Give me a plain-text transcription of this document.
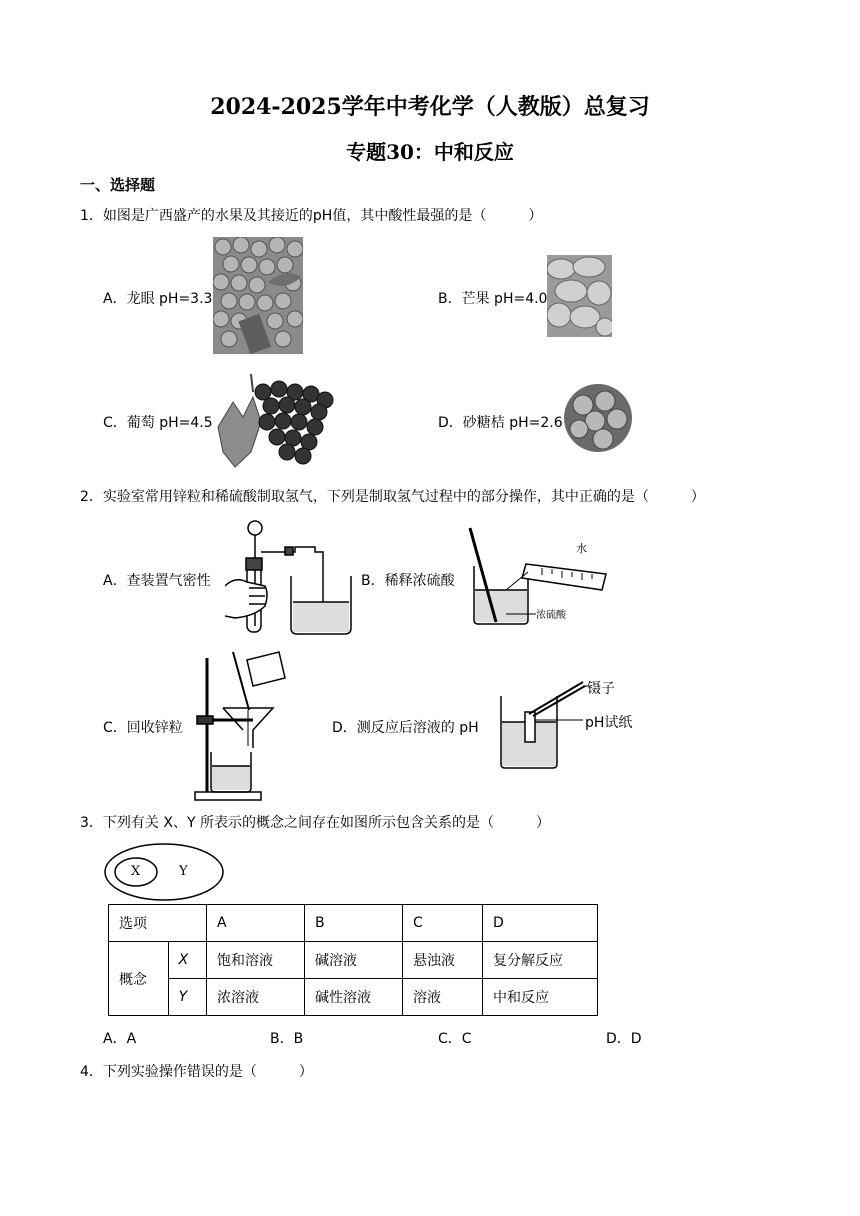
2024-2025学年中考化学（人教版）总复习
专题30：中和反应
一、选择题
1．如图是广西盛产的水果及其接近的pH值，其中酸性最强的是（　　　）
A．龙眼 pH=3.3	B．芒果 pH=4.0
C．葡萄 pH=4.5	D．砂糖桔 pH=2.6
2．实验室常用锌粒和稀硫酸制取氢气，下列是制取氢气过程中的部分操作，其中正确的是（　　　）
A．查装置气密性	B．稀释浓硫酸
水
浓硫酸
C．回收锌粒	D．测反应后溶液的 pH
镊子
pH试纸
3．下列有关 X、Y 所表示的概念之间存在如图所示包含关系的是（　　　）
X	Y
选项		A	B	C	D
概念	X	饱和溶液	碱溶液	悬浊液	复分解反应
	Y	浓溶液	碱性溶液	溶液	中和反应
A．A	B．B	C．C	D．D
4．下列实验操作错误的是（　　　）
